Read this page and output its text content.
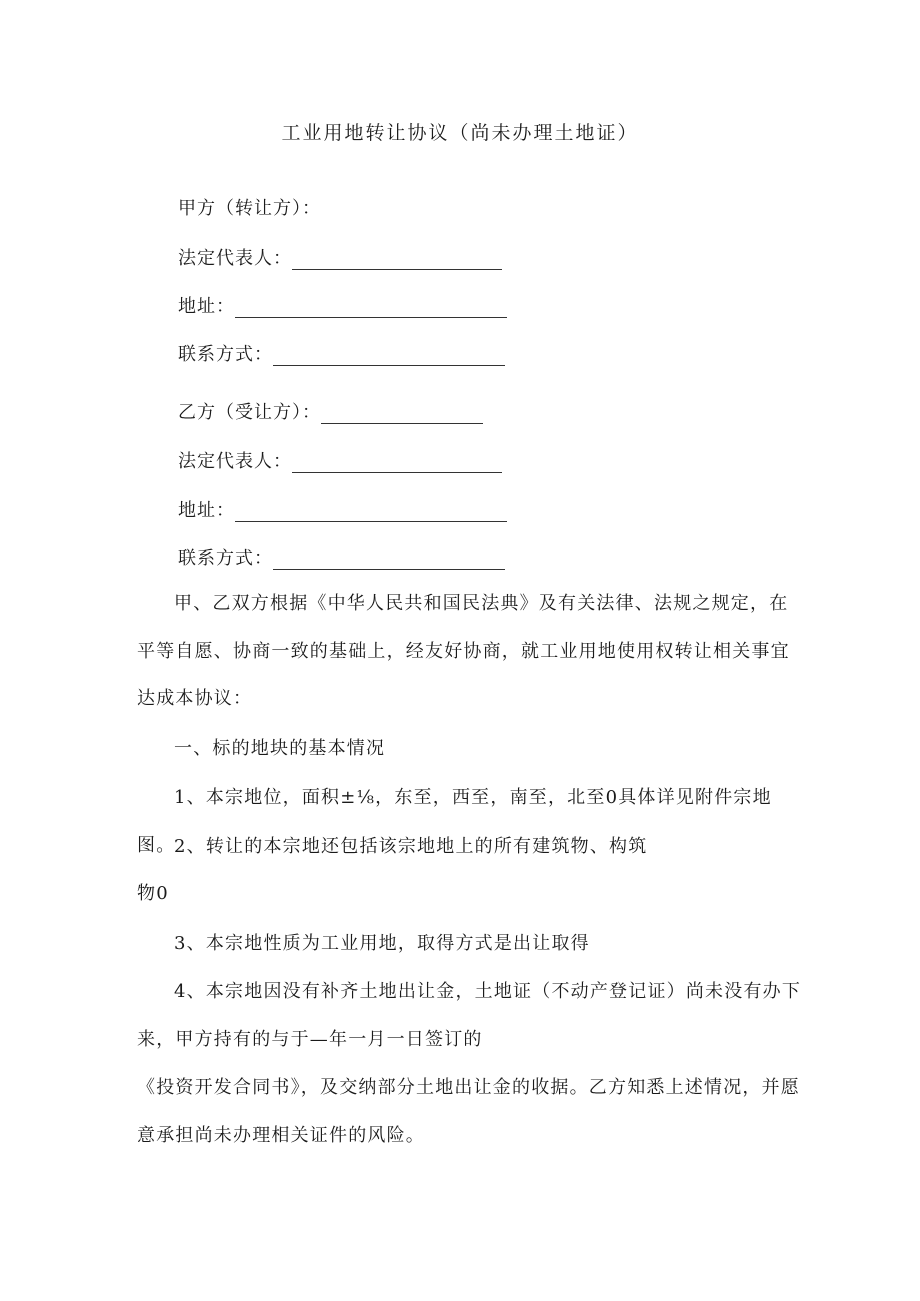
工业用地转让协议（尚未办理土地证）
甲方（转让方）：
法定代表人：
地址：
联系方式：
乙方（受让方）：
法定代表人：
地址：
联系方式：
甲、乙双方根据《中华人民共和国民法典》及有关法律、法规之规定，在平等自愿、协商一致的基础上，经友好协商，就工业用地使用权转让相关事宜达成本协议：
一、标的地块的基本情况
1、本宗地位，面积±⅛，东至，西至，南至，北至0具体详见附件宗地图。
2、转让的本宗地还包括该宗地地上的所有建筑物、构筑
物0
3、本宗地性质为工业用地，取得方式是出让取得
4、本宗地因没有补齐土地出让金，土地证（不动产登记证）尚未没有办下来，甲方持有的与于—年一月一日签订的
《投资开发合同书》，及交纳部分土地出让金的收据。乙方知悉上述情况，并愿意承担尚未办理相关证件的风险。
